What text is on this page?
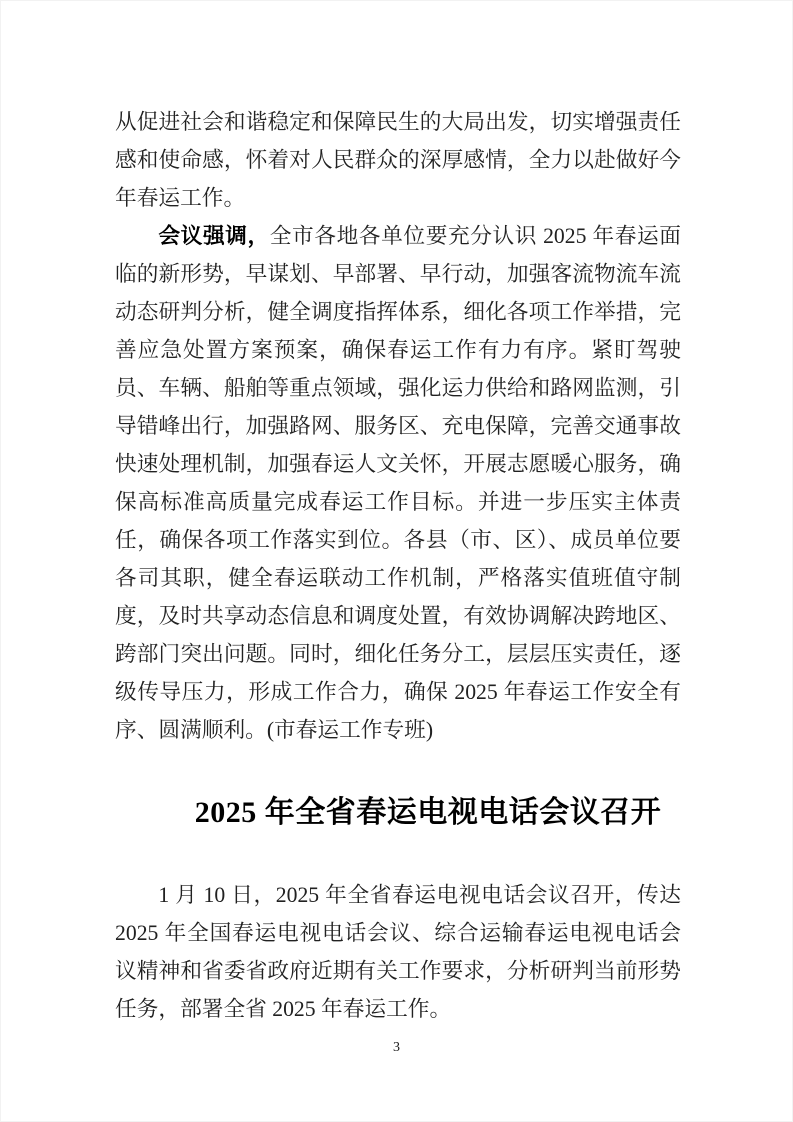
从促进社会和谐稳定和保障民生的大局出发，切实增强责任感和使命感，怀着对人民群众的深厚感情，全力以赴做好今年春运工作。

会议强调，全市各地各单位要充分认识 2025 年春运面临的新形势，早谋划、早部署、早行动，加强客流物流车流动态研判分析，健全调度指挥体系，细化各项工作举措，完善应急处置方案预案，确保春运工作有力有序。紧盯驾驶员、车辆、船舶等重点领域，强化运力供给和路网监测，引导错峰出行，加强路网、服务区、充电保障，完善交通事故快速处理机制，加强春运人文关怀，开展志愿暖心服务，确保高标准高质量完成春运工作目标。并进一步压实主体责任，确保各项工作落实到位。各县（市、区）、成员单位要各司其职，健全春运联动工作机制，严格落实值班值守制度，及时共享动态信息和调度处置，有效协调解决跨地区、跨部门突出问题。同时，细化任务分工，层层压实责任，逐级传导压力，形成工作合力，确保 2025 年春运工作安全有序、圆满顺利。(市春运工作专班)

2025 年全省春运电视电话会议召开

1 月 10 日，2025 年全省春运电视电话会议召开，传达 2025 年全国春运电视电话会议、综合运输春运电视电话会议精神和省委省政府近期有关工作要求，分析研判当前形势任务，部署全省 2025 年春运工作。

3
